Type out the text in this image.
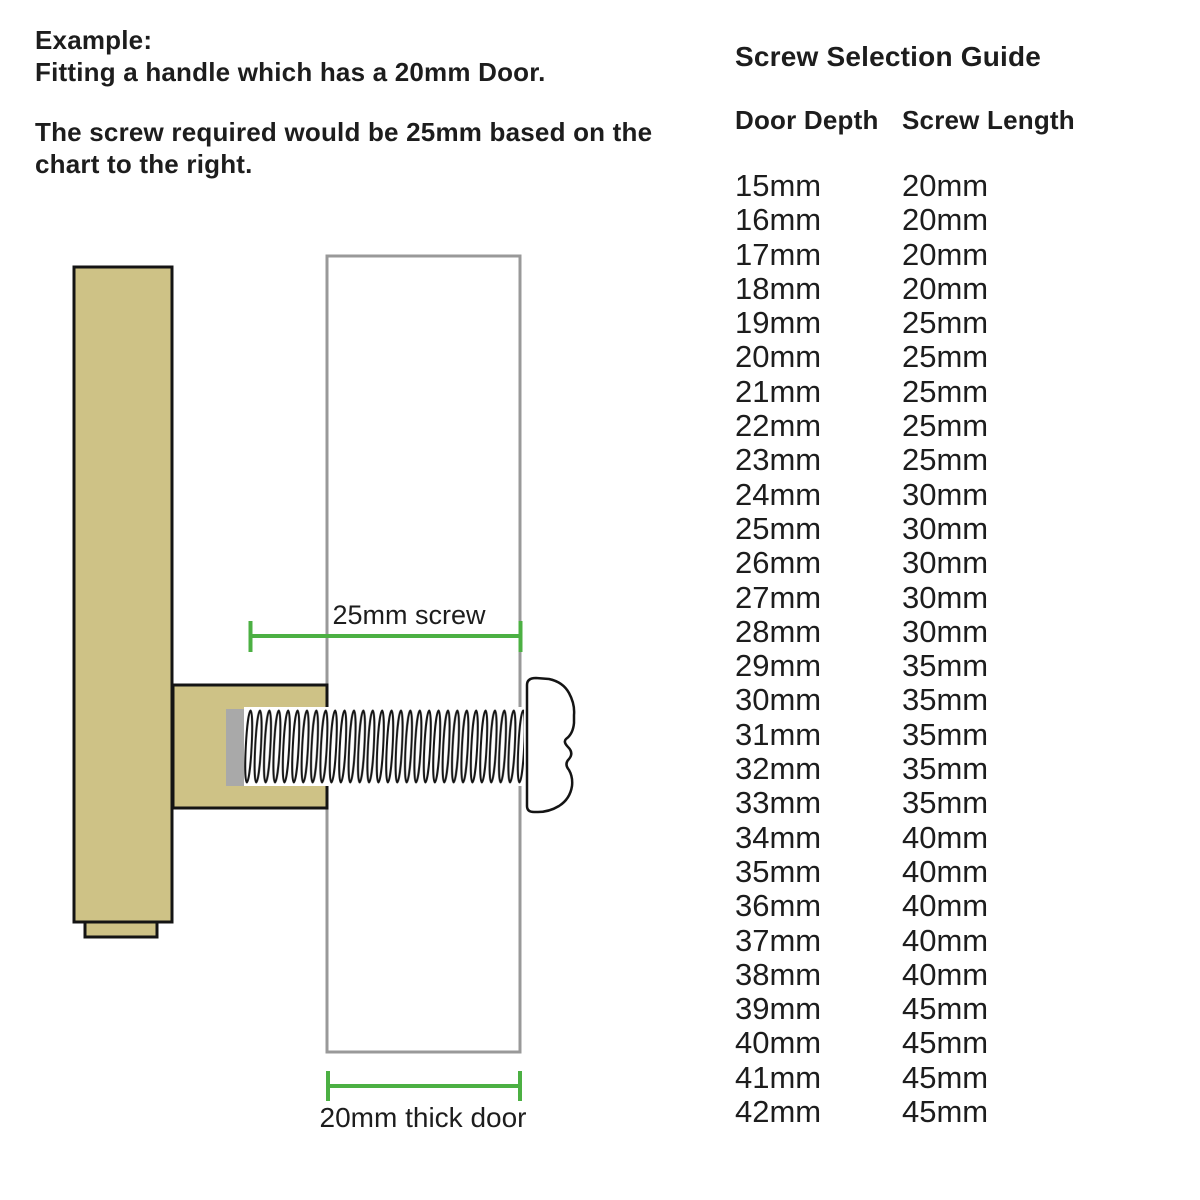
Example:
Fitting a handle which has a 20mm Door.
The screw required would be 25mm based on the
chart to the right.
25mm screw
20mm thick door
Screw Selection Guide
Door Depth Screw Length
15mm	20mm
16mm	20mm
17mm	20mm
18mm	20mm
19mm	25mm
20mm	25mm
21mm	25mm
22mm	25mm
23mm	25mm
24mm	30mm
25mm	30mm
26mm	30mm
27mm	30mm
28mm	30mm
29mm	35mm
30mm	35mm
31mm	35mm
32mm	35mm
33mm	35mm
34mm	40mm
35mm	40mm
36mm	40mm
37mm	40mm
38mm	40mm
39mm	45mm
40mm	45mm
41mm	45mm
42mm	45mm
